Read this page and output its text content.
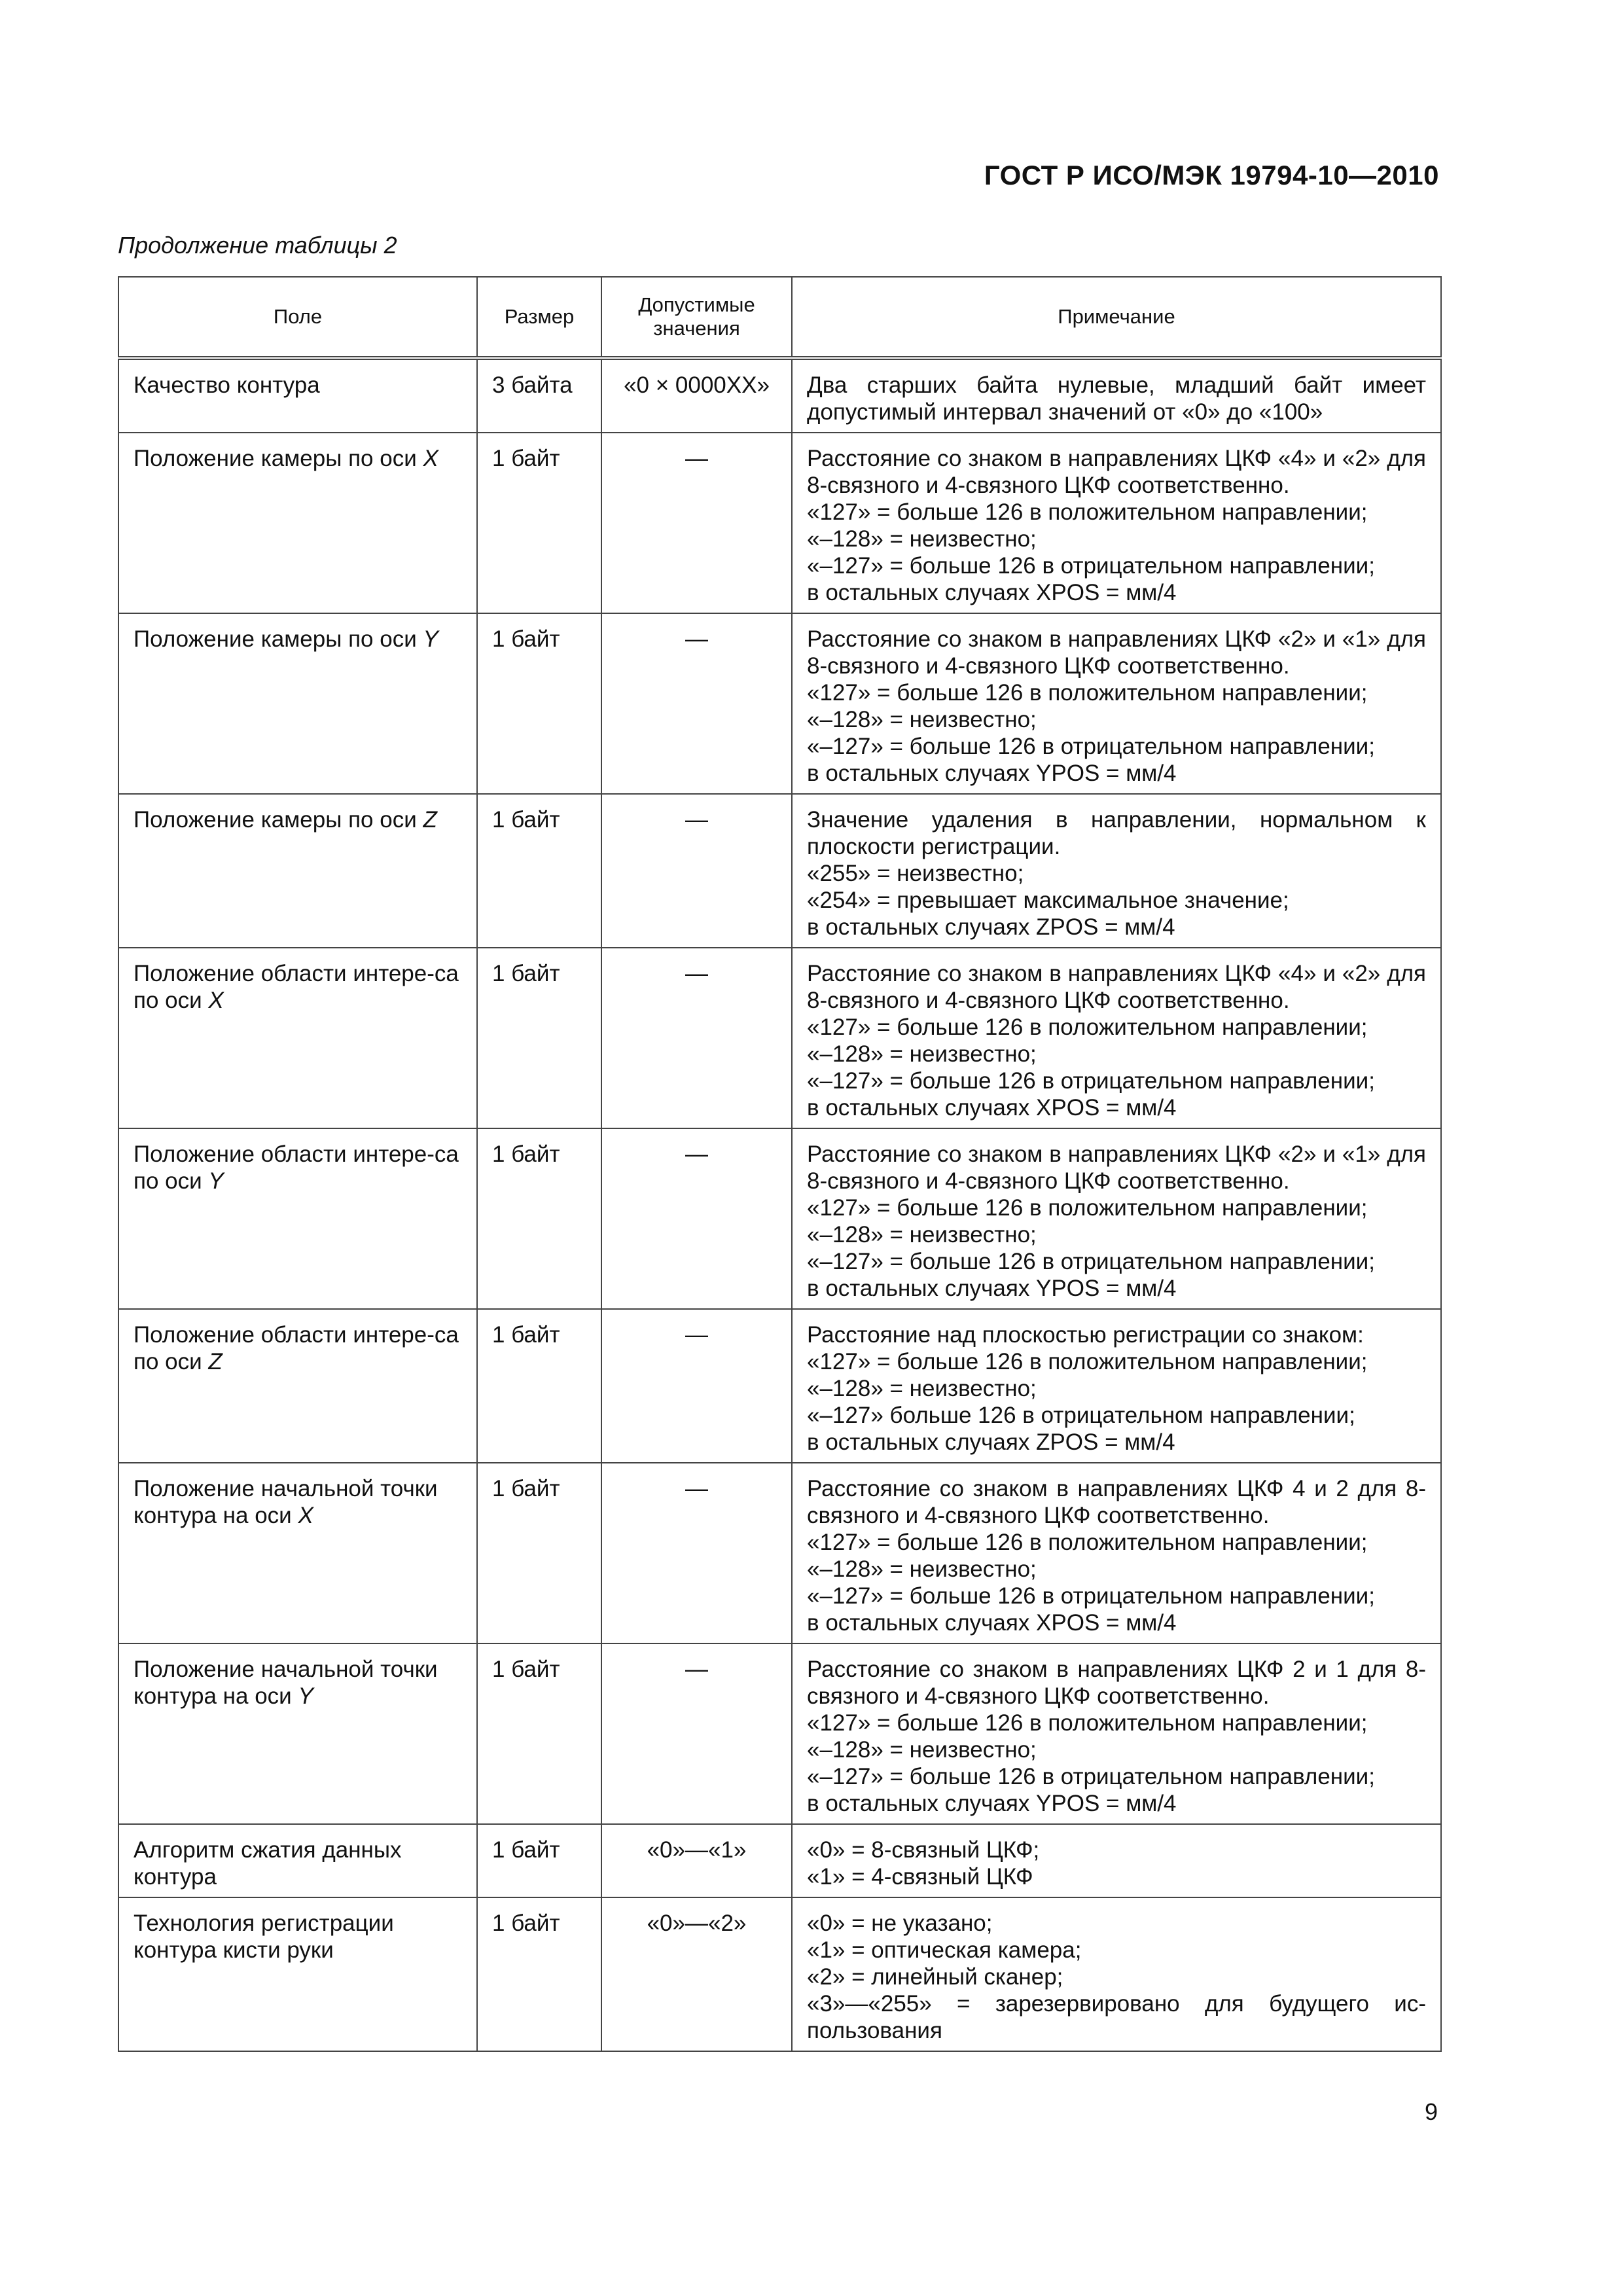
ГОСТ Р ИСО/МЭК 19794-10—2010
Продолжение таблицы 2
Поле	Размер	Допустимые значения	Примечание
Качество контура	3 байта	«0 × 0000XX»	Два старших байта нулевые, младший байт имеет допустимый интервал значений от «0» до «100»

Положение камеры по оси X	1 байт	—	Расстояние со знаком в направлениях ЦКФ «4» и «2» для 8-связного и 4-связного ЦКФ соответственно.
«127» = больше 126 в положительном направлении;
«–128» = неизвестно;
«–127» = больше 126 в отрицательном направлении;
в остальных случаях XPOS = мм/4

Положение камеры по оси Y	1 байт	—	Расстояние со знаком в направлениях ЦКФ «2» и «1» для 8-связного и 4-связного ЦКФ соответственно.
«127» = больше 126 в положительном направлении;
«–128» = неизвестно;
«–127» = больше 126 в отрицательном направлении;
в остальных случаях YPOS = мм/4

Положение камеры по оси Z	1 байт	—	Значение удаления в направлении, нормальном к плоскости регистрации.
«255» = неизвестно;
«254» = превышает максимальное значение;
в остальных случаях ZPOS = мм/4

Положение области интере-са по оси X	1 байт	—	Расстояние со знаком в направлениях ЦКФ «4» и «2» для 8-связного и 4-связного ЦКФ соответственно.
«127» = больше 126 в положительном направлении;
«–128» = неизвестно;
«–127» = больше 126 в отрицательном направлении;
в остальных случаях XPOS = мм/4

Положение области интере-са по оси Y	1 байт	—	Расстояние со знаком в направлениях ЦКФ «2» и «1» для 8-связного и 4-связного ЦКФ соответственно.
«127» = больше 126 в положительном направлении;
«–128» = неизвестно;
«–127» = больше 126 в отрицательном направлении;
в остальных случаях YPOS = мм/4

Положение области интере-са по оси Z	1 байт	—	Расстояние над плоскостью регистрации со знаком:
«127» = больше 126 в положительном направлении;
«–128» = неизвестно;
«–127» больше 126 в отрицательном направлении;
в остальных случаях ZPOS = мм/4

Положение начальной точки контура на оси X	1 байт	—	Расстояние со знаком в направлениях ЦКФ 4 и 2 для 8-связного и 4-связного ЦКФ соответственно.
«127» = больше 126 в положительном направлении;
«–128» = неизвестно;
«–127» = больше 126 в отрицательном направлении;
в остальных случаях XPOS = мм/4

Положение начальной точки контура на оси Y	1 байт	—	Расстояние со знаком в направлениях ЦКФ 2 и 1 для 8-связного и 4-связного ЦКФ соответственно.
«127» = больше 126 в положительном направлении;
«–128» = неизвестно;
«–127» = больше 126 в отрицательном направлении;
в остальных случаях YPOS = мм/4

Алгоритм сжатия данных контура	1 байт	«0»—«1»	«0» = 8-связный ЦКФ;
«1» = 4-связный ЦКФ

Технология регистрации контура кисти руки	1 байт	«0»—«2»	«0» = не указано;
«1» = оптическая камера;
«2» = линейный сканер;
«3»—«255» = зарезервировано для будущего ис-пользования
9
